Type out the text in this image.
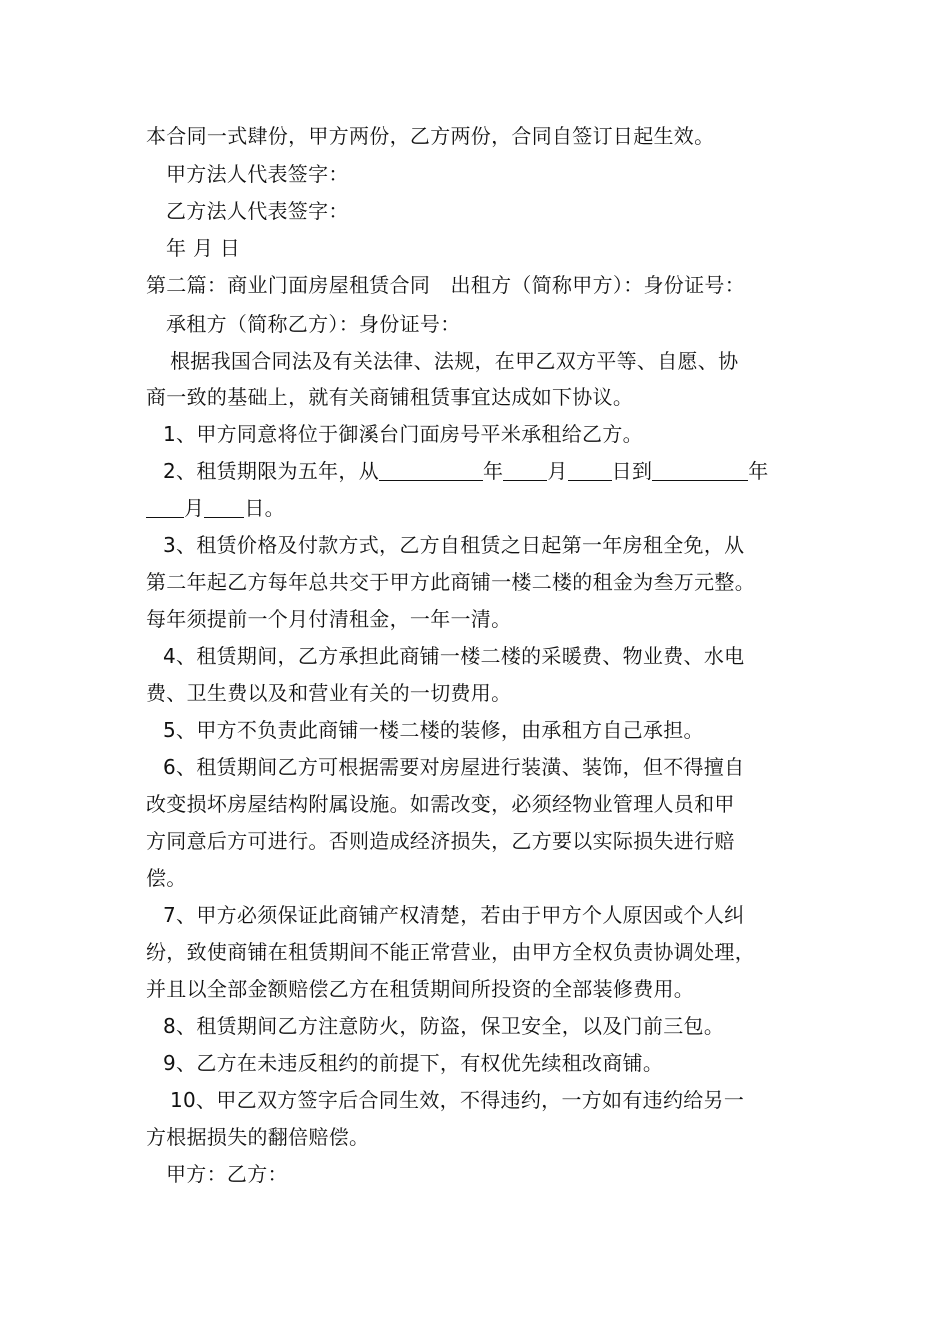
本合同一式肆份，甲方两份，乙方两份，合同自签订日起生效。
甲方法人代表签字：
乙方法人代表签字：
年 月 日
第二篇：商业门面房屋租赁合同　出租方（简称甲方）：身份证号：
承租方（简称乙方）：身份证号：
根据我国合同法及有关法律、法规，在甲乙双方平等、自愿、协
商一致的基础上，就有关商铺租赁事宜达成如下协议。
1、甲方同意将位于御溪台门面房号平米承租给乙方。
2、租赁期限为五年，从	年 月 日到	年
月 日。
3、租赁价格及付款方式，乙方自租赁之日起第一年房租全免，从
第二年起乙方每年总共交于甲方此商铺一楼二楼的租金为叁万元整。
每年须提前一个月付清租金，一年一清。
4、租赁期间，乙方承担此商铺一楼二楼的采暖费、物业费、水电
费、卫生费以及和营业有关的一切费用。
5、甲方不负责此商铺一楼二楼的装修，由承租方自己承担。
6、租赁期间乙方可根据需要对房屋进行装潢、装饰，但不得擅自
改变损坏房屋结构附属设施。如需改变，必须经物业管理人员和甲
方同意后方可进行。否则造成经济损失，乙方要以实际损失进行赔
偿。
7、甲方必须保证此商铺产权清楚，若由于甲方个人原因或个人纠
纷，致使商铺在租赁期间不能正常营业，由甲方全权负责协调处理，
并且以全部金额赔偿乙方在租赁期间所投资的全部装修费用。
8、租赁期间乙方注意防火，防盗，保卫安全，以及门前三包。
9、乙方在未违反租约的前提下，有权优先续租改商铺。
10、甲乙双方签字后合同生效，不得违约，一方如有违约给另一
方根据损失的翻倍赔偿。
甲方：乙方：
